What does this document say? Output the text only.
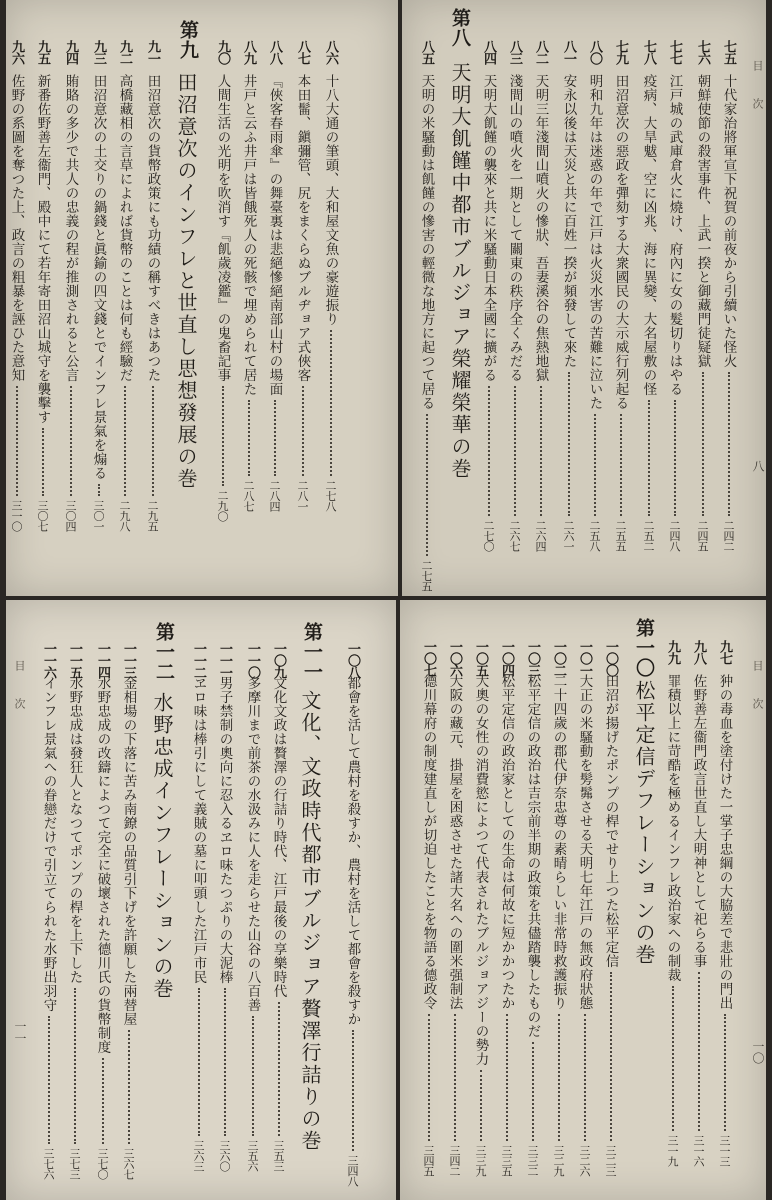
八六
十八大通の筆頭、大和屋文魚の豪遊振り
二七八
八七
本田髷、鎭彌管、尻をまくらぬブルヂョア式俠客
二八一
八八
『俠客春雨傘』の舞臺裏は悲絕慘絕南部山村の場面
二八四
八九
井戸と云ふ井戸は皆餓死人の死骸で埋められて居た
二八七
九〇
人間生活の光明を吹消す『飢歲凌鑑』の鬼畜記事
二九〇
第九
田沼意次のインフレと世直し思想發展の巻
九一
田沼意次の貨幣政策にも功績の稱すべきはあつた
二九五
九二
高橋藏相の言草によれば貨幣のことは何も經驗だ
二九八
九三
田沼意次の土交りの鍋錢と眞鍮の四文錢とでインフレ景氣を煽る
三〇一
九四
賄賂の多少で共人の忠義の程が推測されると公言
三〇四
九五
新番佐野善左衞門、殿中にて若年寄田沼山城守を襲擊す
三〇七
九六
佐野の系圖を奪つた上、政言の粗暴を誣ひた意知
三一〇
目　次
八
七五
十代家治將軍宣下祝賀の前夜から引續いた怪火
二四二
七六
朝鮮使節の殺害事件、上武一揆と御藏門徒疑獄
二四五
七七
江戸城の武庫倉火に燒け、府內に女の髮切りはやる
二四八
七八
疫病、大旱魃、空に凶兆、海に異變、大名屋敷の怪
二五二
七九
田沼意次の惡政を彈劾する大衆國民の大示威行列起る
二五五
八〇
明和九年は迷惑の年で江戸は火災水害の苦難に泣いた
二五八
八一
安永以後は天災と共に百姓一揆が頻發して來た
二六一
八二
天明三年淺間山噴火の慘狀、吾妻溪谷の焦熱地獄
二六四
八三
淺間山の噴火を一期として關東の秩序全くみだる
二六七
八四
天明大飢饉の襲來と共に米騷動日本全國に擴がる
二七〇
第八
天明大飢饉中都市ブルジョア榮耀榮華の巻
八五
天明の米騷動は飢饉の慘害の輕微な地方に起つて居る
二七五
一〇八
都會を活して農村を殺すか、農村を活して都會を殺すか
三四八
第一一
文化、文政時代都市ブルジョア贅澤行詰りの巻
一〇九
文化文政は贅澤の行詰り時代、江戸最後の享樂時代
三五三
一一〇
多摩川まで前茶の水汲みに人を走らせた山谷の八百善
三五六
一一一
男子禁制の奧向に忍入るヱロ味たつぷりの大泥棒
三六〇
一一二
ヱロ味は棒引にして義賊の墓に叩頭した江戸市民
三六三
第一二
水野忠成インフレーションの巻
一一三
金相場の下落に苦み南鐐の品質引下げを許願した兩替屋
三六七
一一四
水野忠成の改鑄によつて完全に破壞された德川氏の貨幣制度
三七〇
一一五
水野忠成は發狂人となつてポンプの桿を上下した
三七三
一一六
インフレ景氣への眷戀だけで引立てられた水野出羽守
三七六
目　次
一一
目　次
一〇
九七
狆の毒血を塗付けた一掌子忠綱の大脇差で悲壯の門出
三一三
九八
佐野善左衞門政言世直し大明神として祀らる事
三一六
九九
罪積以上に苛酷を極めるインフレ政治家への制裁
三一九
第一〇
松平定信デフレーションの巻
一〇〇
田沼が揚げたポンプの桿でせり上つた松平定信
三二三
一〇一
大正の米騷動を髣髴させる天明七年江戸の無政府狀態
三二六
一〇二
二十四歲の郡代伊奈忠尊の素晴らしい非常時救護振り
三二九
一〇三
松平定信の政治は吉宗前半期の政策を共儘踏襲したものだ
三三二
一〇四
松平定信の政治家としての生命は何故に短かかつたか
三三五
一〇五
大奧の女性の消費慾によつて代表されたブルジョアジーの勢力
三三九
一〇六
大阪の藏元、掛屋を困惑させた諸大名への圍米强制法
三四二
一〇七
德川幕府の制度建直しが切迫したことを物語る德政令
三四五
